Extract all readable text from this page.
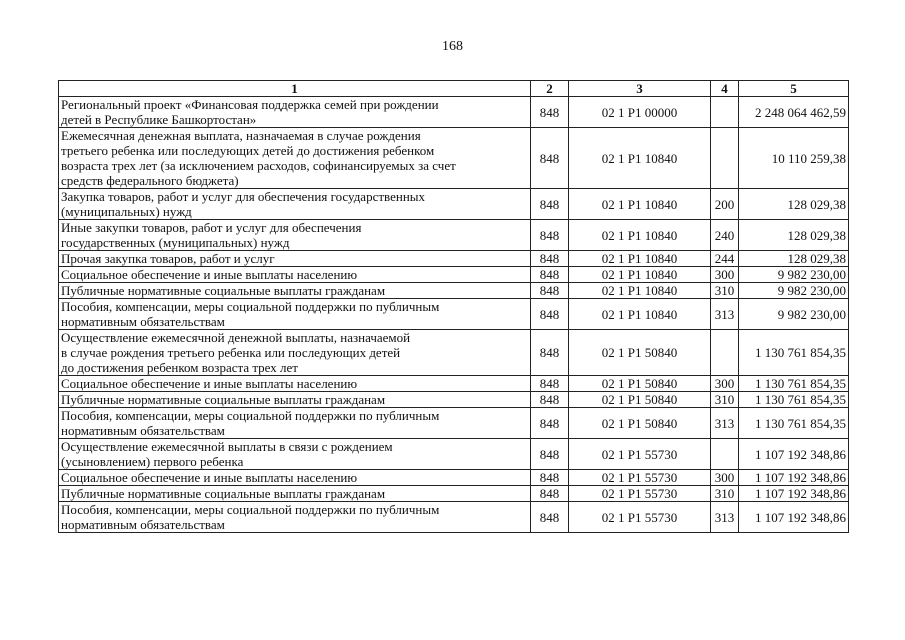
168
1	2	3	4	5
Региональный проект «Финансовая поддержка семей при рождении
детей в Республике Башкортостан»	848	02 1 P1 00000		2 248 064 462,59
Ежемесячная денежная выплата, назначаемая в случае рождения
третьего ребенка или последующих детей до достижения ребенком
возраста трех лет (за исключением расходов, софинансируемых за счет
средств федерального бюджета)	848	02 1 P1 10840		10 110 259,38
Закупка товаров, работ и услуг для обеспечения государственных
(муниципальных) нужд	848	02 1 P1 10840	200	128 029,38
Иные закупки товаров, работ и услуг для обеспечения
государственных (муниципальных) нужд	848	02 1 P1 10840	240	128 029,38
Прочая закупка товаров, работ и услуг	848	02 1 P1 10840	244	128 029,38
Социальное обеспечение и иные выплаты населению	848	02 1 P1 10840	300	9 982 230,00
Публичные нормативные социальные выплаты гражданам	848	02 1 P1 10840	310	9 982 230,00
Пособия, компенсации, меры социальной поддержки по публичным
нормативным обязательствам	848	02 1 P1 10840	313	9 982 230,00
Осуществление ежемесячной денежной выплаты, назначаемой
в случае рождения третьего ребенка или последующих детей
до достижения ребенком возраста трех лет	848	02 1 P1 50840		1 130 761 854,35
Социальное обеспечение и иные выплаты населению	848	02 1 P1 50840	300	1 130 761 854,35
Публичные нормативные социальные выплаты гражданам	848	02 1 P1 50840	310	1 130 761 854,35
Пособия, компенсации, меры социальной поддержки по публичным
нормативным обязательствам	848	02 1 P1 50840	313	1 130 761 854,35
Осуществление ежемесячной выплаты в связи с рождением
(усыновлением) первого ребенка	848	02 1 P1 55730		1 107 192 348,86
Социальное обеспечение и иные выплаты населению	848	02 1 P1 55730	300	1 107 192 348,86
Публичные нормативные социальные выплаты гражданам	848	02 1 P1 55730	310	1 107 192 348,86
Пособия, компенсации, меры социальной поддержки по публичным
нормативным обязательствам	848	02 1 P1 55730	313	1 107 192 348,86
